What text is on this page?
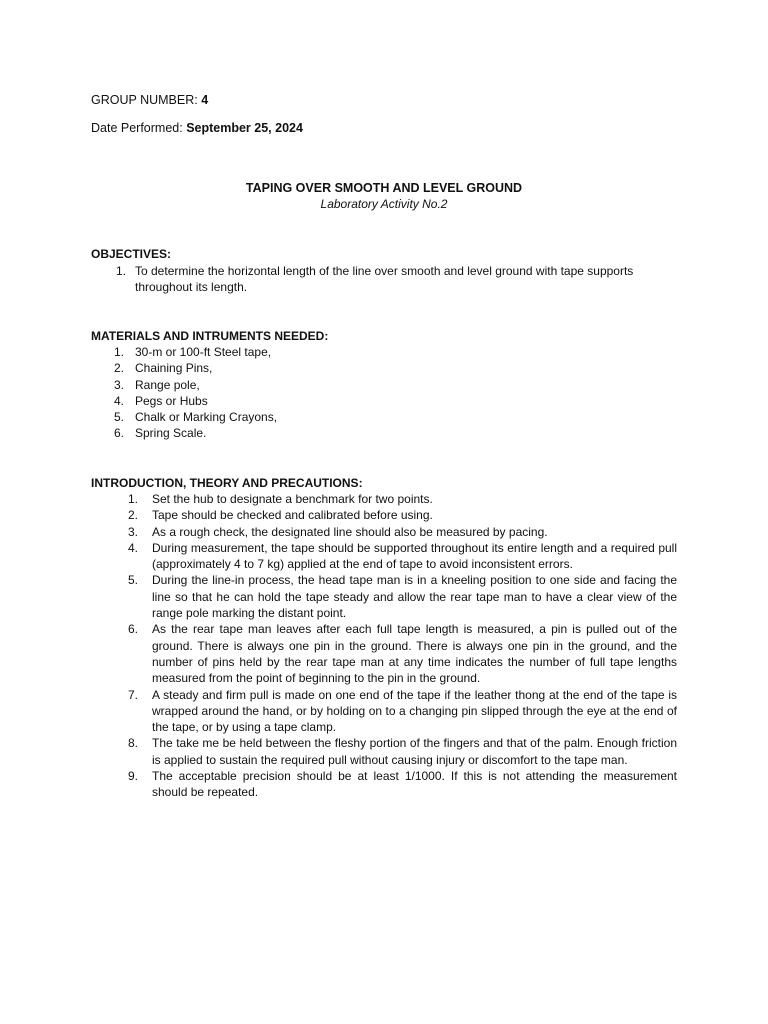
GROUP NUMBER: 4
Date Performed: September 25, 2024
TAPING OVER SMOOTH AND LEVEL GROUND
Laboratory Activity No.2
OBJECTIVES:
1. To determine the horizontal length of the line over smooth and level ground with tape supports throughout its length.
MATERIALS AND INTRUMENTS NEEDED:
1. 30-m or 100-ft Steel tape,
2. Chaining Pins,
3. Range pole,
4. Pegs or Hubs
5. Chalk or Marking Crayons,
6. Spring Scale.
INTRODUCTION, THEORY AND PRECAUTIONS:
1. Set the hub to designate a benchmark for two points.
2. Tape should be checked and calibrated before using.
3. As a rough check, the designated line should also be measured by pacing.
4. During measurement, the tape should be supported throughout its entire length and a required pull (approximately 4 to 7 kg) applied at the end of tape to avoid inconsistent errors.
5. During the line-in process, the head tape man is in a kneeling position to one side and facing the line so that he can hold the tape steady and allow the rear tape man to have a clear view of the range pole marking the distant point.
6. As the rear tape man leaves after each full tape length is measured, a pin is pulled out of the ground. There is always one pin in the ground. There is always one pin in the ground, and the number of pins held by the rear tape man at any time indicates the number of full tape lengths measured from the point of beginning to the pin in the ground.
7. A steady and firm pull is made on one end of the tape if the leather thong at the end of the tape is wrapped around the hand, or by holding on to a changing pin slipped through the eye at the end of the tape, or by using a tape clamp.
8. The take me be held between the fleshy portion of the fingers and that of the palm. Enough friction is applied to sustain the required pull without causing injury or discomfort to the tape man.
9. The acceptable precision should be at least 1/1000. If this is not attending the measurement should be repeated.
